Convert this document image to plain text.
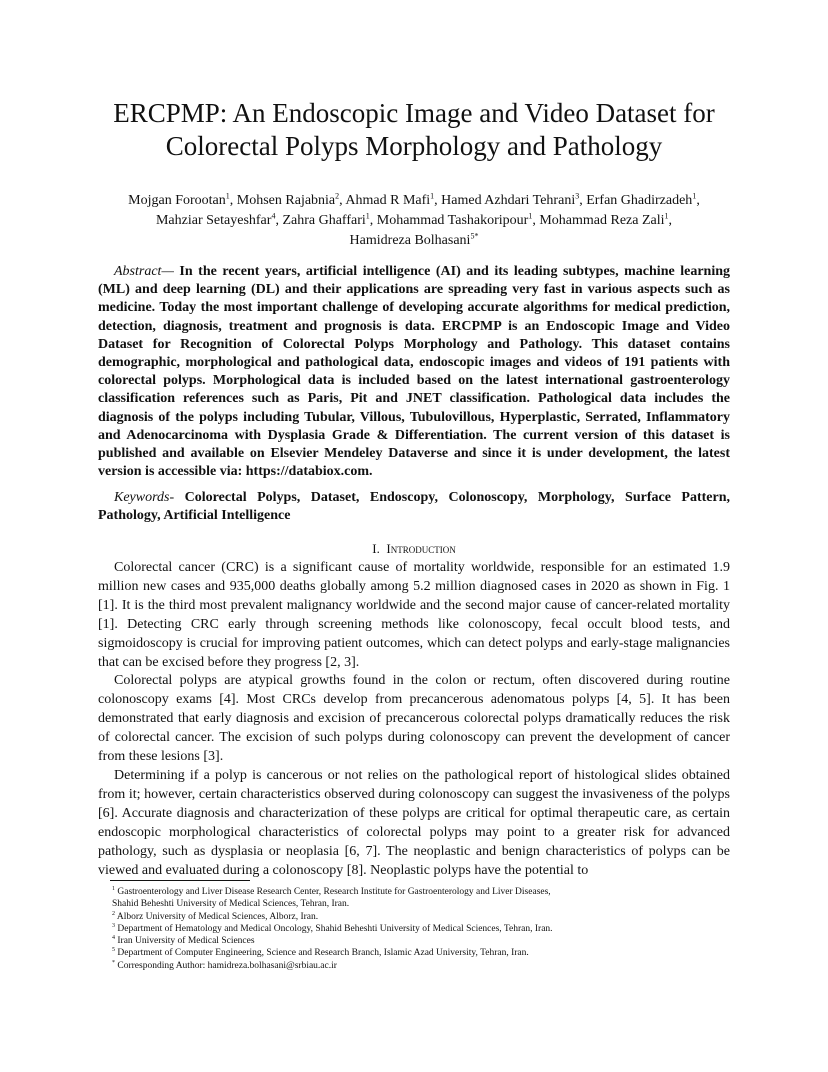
ERCPMP: An Endoscopic Image and Video Dataset for Colorectal Polyps Morphology and Pathology
Mojgan Forootan$^1$, Mohsen Rajabnia$^2$, Ahmad R Mafi$^1$, Hamed Azhdari Tehrani$^3$, Erfan Ghadirzadeh$^1$,
Mahziar Setayeshfar$^4$, Zahra Ghaffari$^1$, Mohammad Tashakoripour$^1$, Mohammad Reza Zali$^1$,
Hamidreza Bolhasani$^{5*}$

Abstract— In the recent years, artificial intelligence (AI) and its leading subtypes, machine learning (ML) and deep learning (DL) and their applications are spreading very fast in various aspects such as medicine. Today the most important challenge of developing accurate algorithms for medical prediction, detection, diagnosis, treatment and prognosis is data. ERCPMP is an Endoscopic Image and Video Dataset for Recognition of Colorectal Polyps Morphology and Pathology. This dataset contains demographic, morphological and pathological data, endoscopic images and videos of 191 patients with colorectal polyps. Morphological data is included based on the latest international gastroenterology classification references such as Paris, Pit and JNET classification. Pathological data includes the diagnosis of the polyps including Tubular, Villous, Tubulovillous, Hyperplastic, Serrated, Inflammatory and Adenocarcinoma with Dysplasia Grade & Differentiation. The current version of this dataset is published and available on Elsevier Mendeley Dataverse and since it is under development, the latest version is accessible via: https://databiox.com.

Keywords- Colorectal Polyps, Dataset, Endoscopy, Colonoscopy, Morphology, Surface Pattern, Pathology, Artificial Intelligence

I. Introduction

Colorectal cancer (CRC) is a significant cause of mortality worldwide, responsible for an estimated 1.9 million new cases and 935,000 deaths globally among 5.2 million diagnosed cases in 2020 as shown in Fig. 1 [1]. It is the third most prevalent malignancy worldwide and the second major cause of cancer-related mortality [1]. Detecting CRC early through screening methods like colonoscopy, fecal occult blood tests, and sigmoidoscopy is crucial for improving patient outcomes, which can detect polyps and early-stage malignancies that can be excised before they progress [2, 3].

Colorectal polyps are atypical growths found in the colon or rectum, often discovered during routine colonoscopy exams [4]. Most CRCs develop from precancerous adenomatous polyps [4, 5]. It has been demonstrated that early diagnosis and excision of precancerous colorectal polyps dramatically reduces the risk of colorectal cancer. The excision of such polyps during colonoscopy can prevent the development of cancer from these lesions [3].

Determining if a polyp is cancerous or not relies on the pathological report of histological slides obtained from it; however, certain characteristics observed during colonoscopy can suggest the invasiveness of the polyps [6]. Accurate diagnosis and characterization of these polyps are critical for optimal therapeutic care, as certain endoscopic morphological characteristics of colorectal polyps may point to a greater risk for advanced pathology, such as dysplasia or neoplasia [6, 7]. The neoplastic and benign characteristics of polyps can be viewed and evaluated during a colonoscopy [8]. Neoplastic polyps have the potential to

$^1$ Gastroenterology and Liver Disease Research Center, Research Institute for Gastroenterology and Liver Diseases,
Shahid Beheshti University of Medical Sciences, Tehran, Iran.
$^2$ Alborz University of Medical Sciences, Alborz, Iran.
$^3$ Department of Hematology and Medical Oncology, Shahid Beheshti University of Medical Sciences, Tehran, Iran.
$^4$ Iran University of Medical Sciences
$^5$ Department of Computer Engineering, Science and Research Branch, Islamic Azad University, Tehran, Iran.
* Corresponding Author: hamidreza.bolhasani@srbiau.ac.ir
